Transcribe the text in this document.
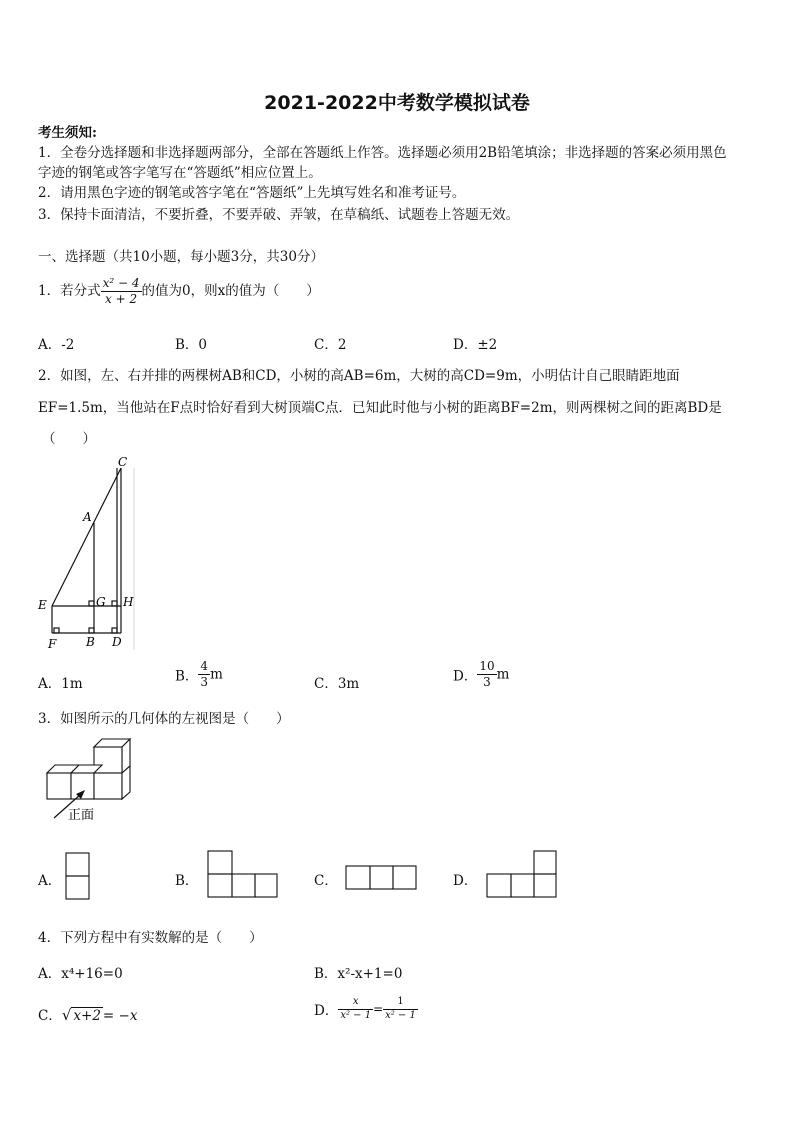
2021-2022中考数学模拟试卷
考生须知:
1．全卷分选择题和非选择题两部分，全部在答题纸上作答。选择题必须用2B铅笔填涂；非选择题的答案必须用黑色
字迹的钢笔或答字笔写在“答题纸”相应位置上。
2．请用黑色字迹的钢笔或答字笔在“答题纸”上先填写姓名和准考证号。
3．保持卡面清洁，不要折叠，不要弄破、弄皱，在草稿纸、试题卷上答题无效。
一、选择题（共10小题，每小题3分，共30分）
1．若分式 $\frac{\text{x² − 4}}{x + 2}$ 的值为0，则x的值为（　　）
A．-2	B．0	C．2	D．±2
2．如图，左、右并排的两棵树AB和CD，小树的高AB=6m，大树的高CD=9m，小明估计自己眼睛距地面
EF=1.5m，当他站在F点时恰好看到大树顶端C点．已知此时他与小树的距离BF=2m，则两棵树之间的距离BD是
（　　）
C
A
E	G H
F B D
A．1m	B． $\frac{4}{3}$ m
C．3m	D． $\frac{10}{3}$ m
3．如图所示的几何体的左视图是（　　）
正面
A．	B．	C．	D．
4．下列方程中有实数解的是（　　）
A．x⁴+16=0	B．x²-x+1=0
C．√ x+2 = −x	D． $\frac{x}{\text{x² − 1}} = \frac{1}{\text{x² − 1}}$
